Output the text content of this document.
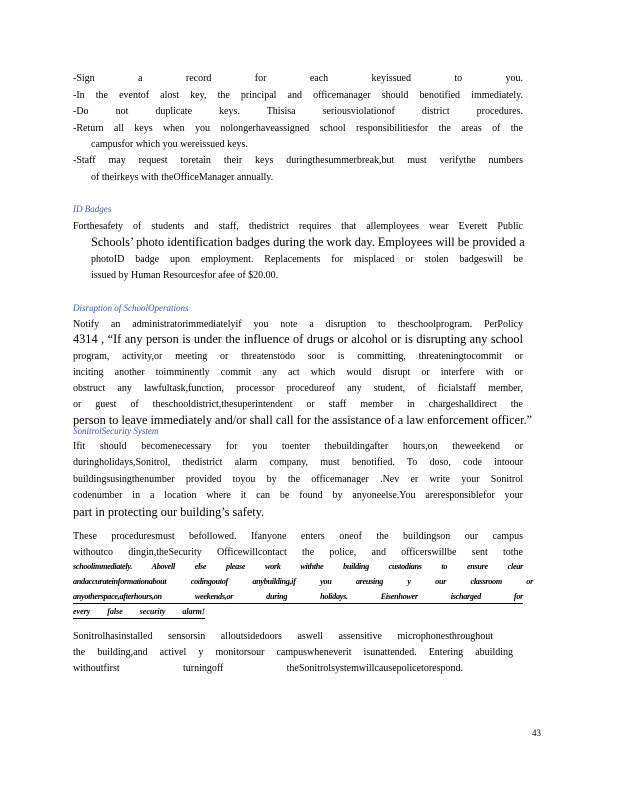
-Sign a record for each keyissued to you.
-In the eventof alost key, the principal and officemanager should benotified immediately.
-Do not duplicate keys. Thisisa seriousviolationof district procedures.
-Return all keys when you nolongerhaveassigned school responsibilitiesfor the areas of the
campusfor which you wereissued keys.
-Staff may request toretain their keys duringthesummerbreak,but must verifythe numbers
of theirkeys with theOfficeManager annually.
ID Badges
Forthesafety of students and staff, thedistrict requires that allemployees wear Everett Public
Schools’ photo identification badges during the work day. Employees will be provided a
photoID badge upon employment. Replacements for misplaced or stolen badgeswill be
issued by Human Resourcesfor afee of $20.00.
Disruption of SchoolOperations
Notify an administratorimmediatelyif you note a disruption to theschoolprogram. PerPolicy
4314 , “If any person is under the influence of drugs or alcohol or is disrupting any school
program, activity,or meeting or threatenstodo soor is committing, threateningtocommit or
inciting another toimminently commit any act which would disrupt or interfere with or
obstruct any lawfultask,function, processor procedureof any student, of ficialstaff member,
or guest of theschooldistrict,thesuperintendent or staff member in chargeshalldirect the
person to leave immediately and/or shall call for the assistance of a law enforcement officer.”
SonitrolSecurity System
Ifit should becomenecessary for you toenter thebuildingafter hours,on theweekend or
duringholidays,Sonitrol, thedistrict alarm company, must benotified. To doso, code intoour
buildingsusingthenumber provided toyou by the officemanager .Nev er write your Sonitrol
codenumber in a location where it can be found by anyoneelse.You areresponsiblefor your
part in protecting our building’s safety.
These proceduresmust befollowed. Ifanyone enters oneof the buildingson our campus
withoutco dingin,theSecurity Officewillcontact the police, and officerswillbe sent tothe
schoolimmediately. Abovell else please work withthe building custodians to ensure clear
andaccurateinformationabout codingoutof anybuilding,if you areusing y our classroom or
anyotherspace,afterhours,on weekends,or during holidays. Eisenhower ischarged for
every false security alarm!
Sonitrolhasinstalled sensorsin alloutsidedoors aswell assensitive microphonesthroughout
the building,and activel y monitorsour campuswheneverit isunattended. Entering abuilding
withoutfirst turningoff theSonitrolsystemwillcausepolicetorespond.
43
